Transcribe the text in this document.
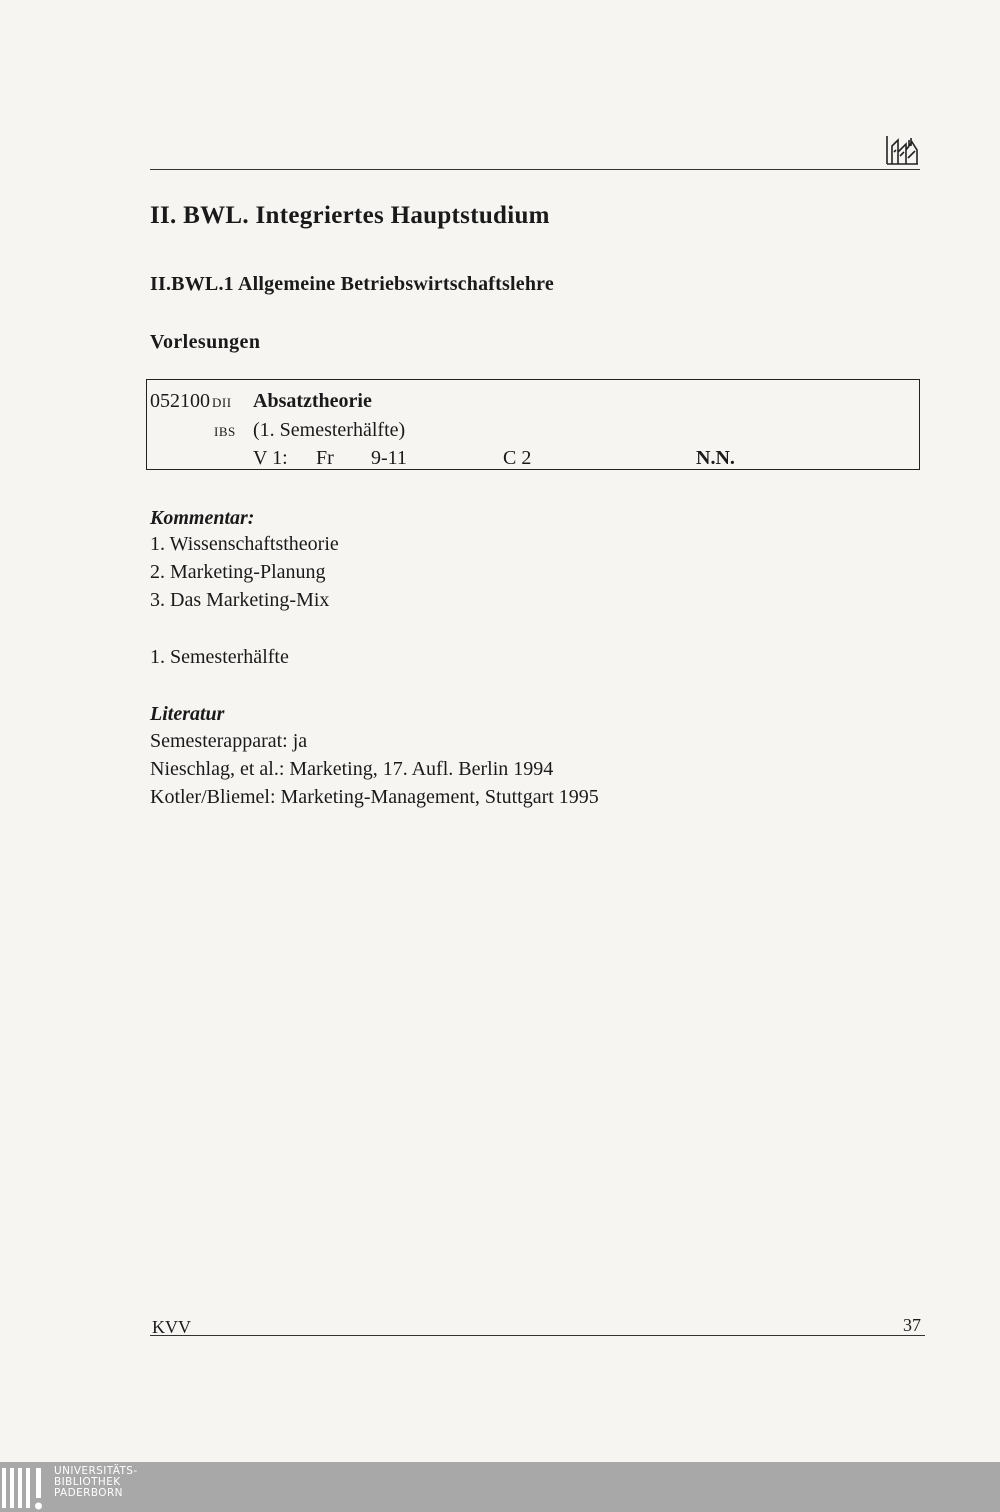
II. BWL. Integriertes Hauptstudium
II.BWL.1 Allgemeine Betriebswirtschaftslehre
Vorlesungen
052100 DII Absatztheorie
IBS (1. Semesterhälfte)
V 1: Fr 9-11	C 2	N.N.
Kommentar:
1. Wissenschaftstheorie
2. Marketing-Planung
3. Das Marketing-Mix
1. Semesterhälfte
Literatur
Semesterapparat: ja
Nieschlag, et al.: Marketing, 17. Aufl. Berlin 1994
Kotler/Bliemel: Marketing-Management, Stuttgart 1995
KVV	37
UNIVERSITÄTS-
BIBLIOTHEK
PADERBORN
